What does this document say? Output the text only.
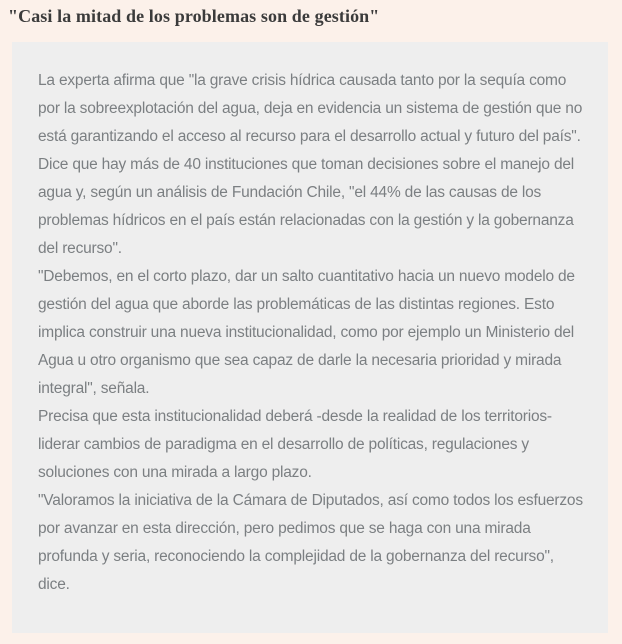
"Casi la mitad de los problemas son de gestión"

La experta afirma que "la grave crisis hídrica causada tanto por la sequía como por la sobreexplotación del agua, deja en evidencia un sistema de gestión que no está garantizando el acceso al recurso para el desarrollo actual y futuro del país".

Dice que hay más de 40 instituciones que toman decisiones sobre el manejo del agua y, según un análisis de Fundación Chile, "el 44% de las causas de los problemas hídricos en el país están relacionadas con la gestión y la gobernanza del recurso".

"Debemos, en el corto plazo, dar un salto cuantitativo hacia un nuevo modelo de gestión del agua que aborde las problemáticas de las distintas regiones. Esto implica construir una nueva institucionalidad, como por ejemplo un Ministerio del Agua u otro organismo que sea capaz de darle la necesaria prioridad y mirada integral", señala.

Precisa que esta institucionalidad deberá -desde la realidad de los territorios- liderar cambios de paradigma en el desarrollo de políticas, regulaciones y soluciones con una mirada a largo plazo.

"Valoramos la iniciativa de la Cámara de Diputados, así como todos los esfuerzos por avanzar en esta dirección, pero pedimos que se haga con una mirada profunda y seria, reconociendo la complejidad de la gobernanza del recurso", dice.
